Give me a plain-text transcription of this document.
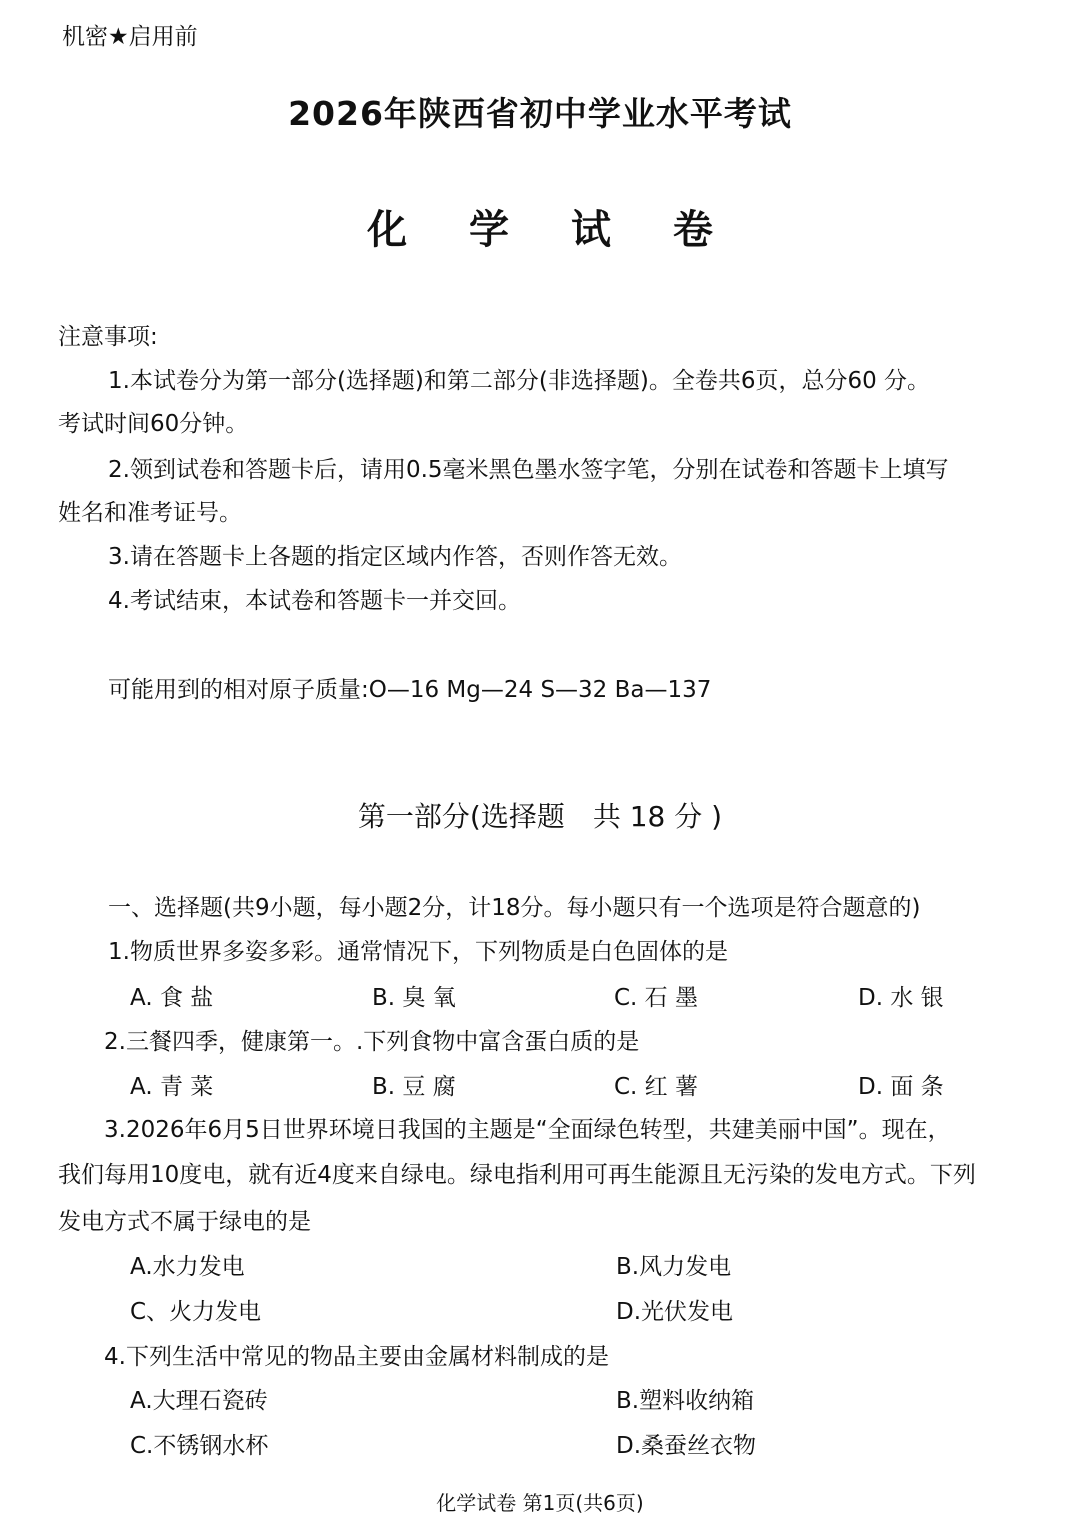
机密★启用前
2026年陕西省初中学业水平考试
化 学 试 卷
注意事项:
1.本试卷分为第一部分(选择题)和第二部分(非选择题)。全卷共6页，总分60 分。
考试时间60分钟。
2.领到试卷和答题卡后，请用0.5毫米黑色墨水签字笔，分别在试卷和答题卡上填写
姓名和准考证号。
3.请在答题卡上各题的指定区域内作答，否则作答无效。
4.考试结束，本试卷和答题卡一并交回。
可能用到的相对原子质量:O—16 Mg—24 S—32 Ba—137
第一部分(选择题　共 18 分 )
一、选择题(共9小题，每小题2分，计18分。每小题只有一个选项是符合题意的)
1.物质世界多姿多彩。通常情况下，下列物质是白色固体的是
A. 食 盐	B. 臭 氧	C. 石 墨	D. 水 银
2.三餐四季，健康第一。.下列食物中富含蛋白质的是
A. 青 菜	B. 豆 腐	C. 红 薯	D. 面 条
3.2026年6月5日世界环境日我国的主题是“全面绿色转型，共建美丽中国”。现在，
我们每用10度电，就有近4度来自绿电。绿电指利用可再生能源且无污染的发电方式。下列
发电方式不属于绿电的是
A.水力发电	B.风力发电
C、火力发电	D.光伏发电
4.下列生活中常见的物品主要由金属材料制成的是
A.大理石瓷砖	B.塑料收纳箱
C.不锈钢水杯	D.桑蚕丝衣物
化学试卷 第1页(共6页)
